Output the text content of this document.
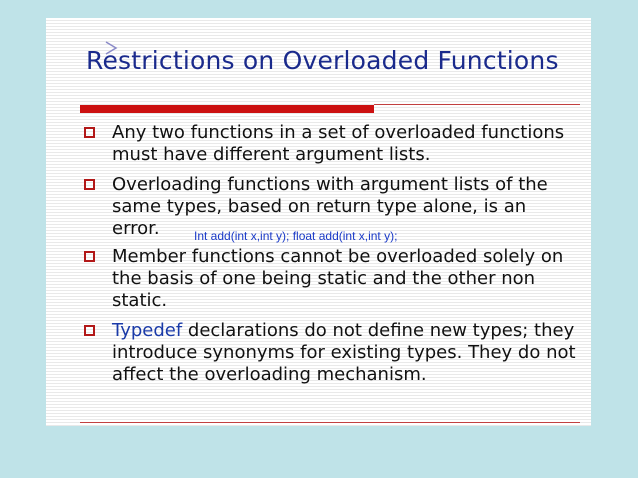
Restrictions on Overloaded Functions
Any two functions in a set of overloaded functions must have different argument lists.
Overloading functions with argument lists of the same types, based on return type alone, is an error.
Member functions cannot be overloaded solely on the basis of one being static and the other non static.
Typedef declarations do not define new types; they introduce synonyms for existing types. They do not affect the overloading mechanism.
Int add(int x,int y); float add(int x,int y);
